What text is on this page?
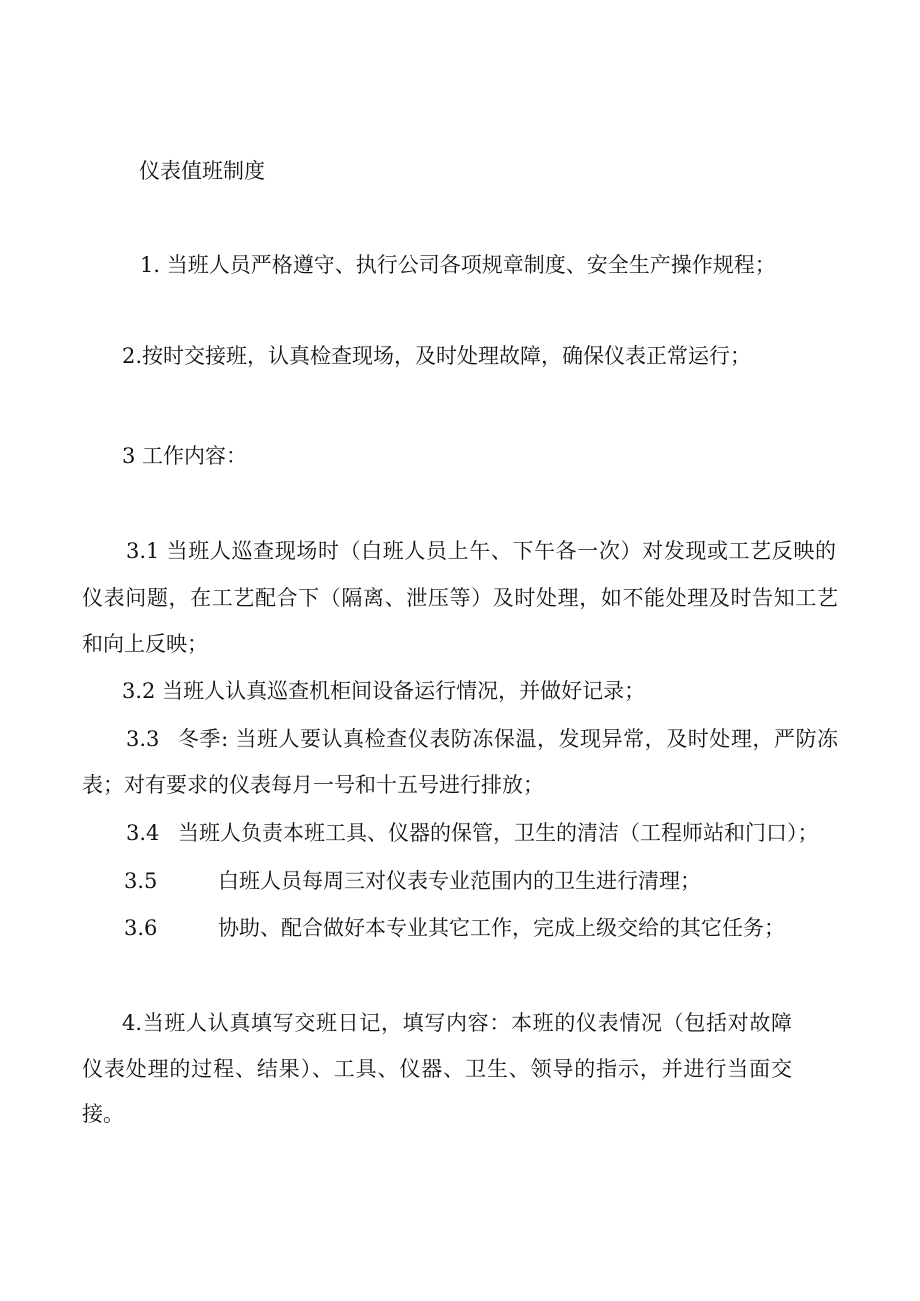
仪表值班制度
1. 当班人员严格遵守、执行公司各项规章制度、安全生产操作规程；
2.按时交接班，认真检查现场，及时处理故障，确保仪表正常运行；
3 工作内容：
3.1 当班人巡查现场时（白班人员上午、下午各一次）对发现或工艺反映的
仪表问题，在工艺配合下（隔离、泄压等）及时处理，如不能处理及时告知工艺
和向上反映；
3.2 当班人认真巡查机柜间设备运行情况，并做好记录；
3.3 冬季: 当班人要认真检查仪表防冻保温，发现异常，及时处理，严防冻
表；对有要求的仪表每月一号和十五号进行排放；
3.4 当班人负责本班工具、仪器的保管，卫生的清洁（工程师站和门口）；
3.5	白班人员每周三对仪表专业范围内的卫生进行清理；
3.6	协助、配合做好本专业其它工作，完成上级交给的其它任务；
4.当班人认真填写交班日记，填写内容：本班的仪表情况（包括对故障
仪表处理的过程、结果）、工具、仪器、卫生、领导的指示，并进行当面交
接。
